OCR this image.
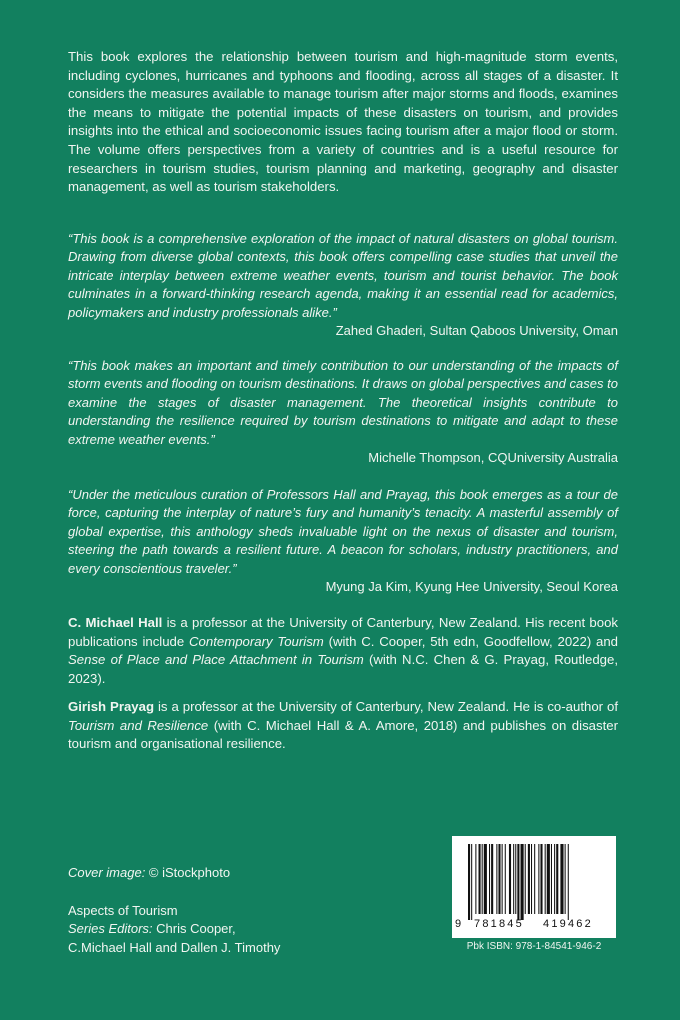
This book explores the relationship between tourism and high-magnitude storm events, including cyclones, hurricanes and typhoons and flooding, across all stages of a disaster. It considers the measures available to manage tourism after major storms and floods, examines the means to mitigate the potential impacts of these disasters on tourism, and provides insights into the ethical and socioeconomic issues facing tourism after a major flood or storm. The volume offers perspectives from a variety of countries and is a useful resource for researchers in tourism studies, tourism planning and marketing, geography and disaster management, as well as tourism stakeholders.

“This book is a comprehensive exploration of the impact of natural disasters on global tourism. Drawing from diverse global contexts, this book offers compelling case studies that unveil the intricate interplay between extreme weather events, tourism and tourist behavior. The book culminates in a forward-thinking research agenda, making it an essential read for academics, policymakers and industry professionals alike.”

Zahed Ghaderi, Sultan Qaboos University, Oman

“This book makes an important and timely contribution to our understanding of the impacts of storm events and flooding on tourism destinations. It draws on global perspectives and cases to examine the stages of disaster management. The theoretical insights contribute to understanding the resilience required by tourism destinations to mitigate and adapt to these extreme weather events.”

Michelle Thompson, CQUniversity Australia

“Under the meticulous curation of Professors Hall and Prayag, this book emerges as a tour de force, capturing the interplay of nature’s fury and humanity’s tenacity. A masterful assembly of global expertise, this anthology sheds invaluable light on the nexus of disaster and tourism, steering the path towards a resilient future. A beacon for scholars, industry practitioners, and every conscientious traveler.”

Myung Ja Kim, Kyung Hee University, Seoul Korea

C. Michael Hall is a professor at the University of Canterbury, New Zealand. His recent book publications include Contemporary Tourism (with C. Cooper, 5th edn, Goodfellow, 2022) and Sense of Place and Place Attachment in Tourism (with N.C. Chen & G. Prayag, Routledge, 2023).

Girish Prayag is a professor at the University of Canterbury, New Zealand. He is co-author of Tourism and Resilience (with C. Michael Hall & A. Amore, 2018) and publishes on disaster tourism and organisational resilience.

Cover image: © iStockphoto
Aspects of Tourism
Series Editors: Chris Cooper,
C.Michael Hall and Dallen J. Timothy
9 781845 419462
Pbk ISBN: 978-1-84541-946-2
